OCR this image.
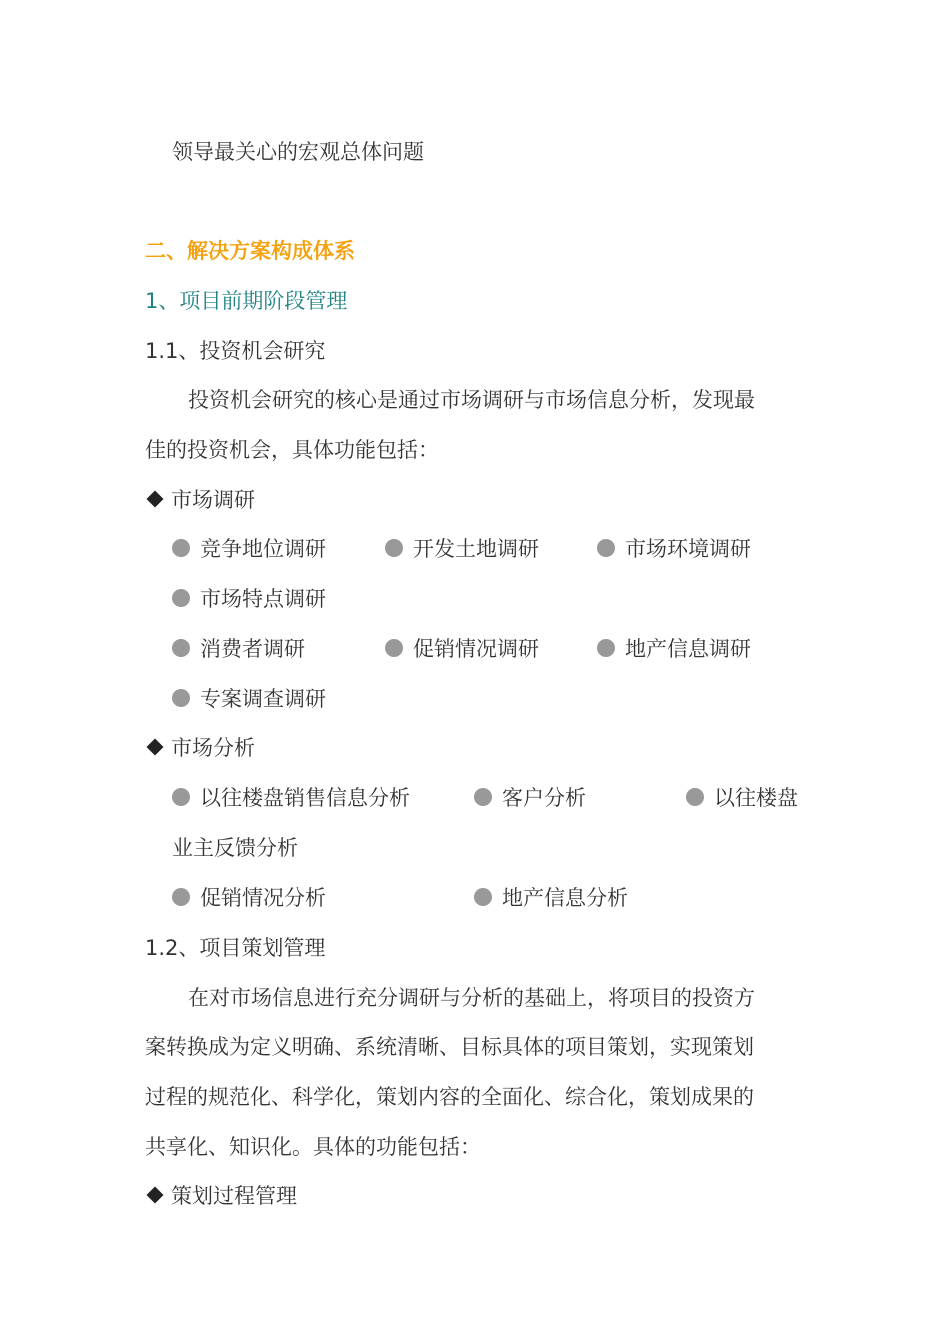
领导最关心的宏观总体问题
二、解决方案构成体系
1、项目前期阶段管理
1.1、投资机会研究
投资机会研究的核心是通过市场调研与市场信息分析，发现最
佳的投资机会，具体功能包括：
市场调研
竞争地位调研	开发土地调研	市场环境调研
市场特点调研
消费者调研	促销情况调研	地产信息调研
专案调查调研
市场分析
以往楼盘销售信息分析	客户分析	以往楼盘
业主反馈分析
促销情况分析	地产信息分析
1.2、项目策划管理
在对市场信息进行充分调研与分析的基础上，将项目的投资方
案转换成为定义明确、系统清晰、目标具体的项目策划，实现策划
过程的规范化、科学化，策划内容的全面化、综合化，策划成果的
共享化、知识化。具体的功能包括：
策划过程管理
